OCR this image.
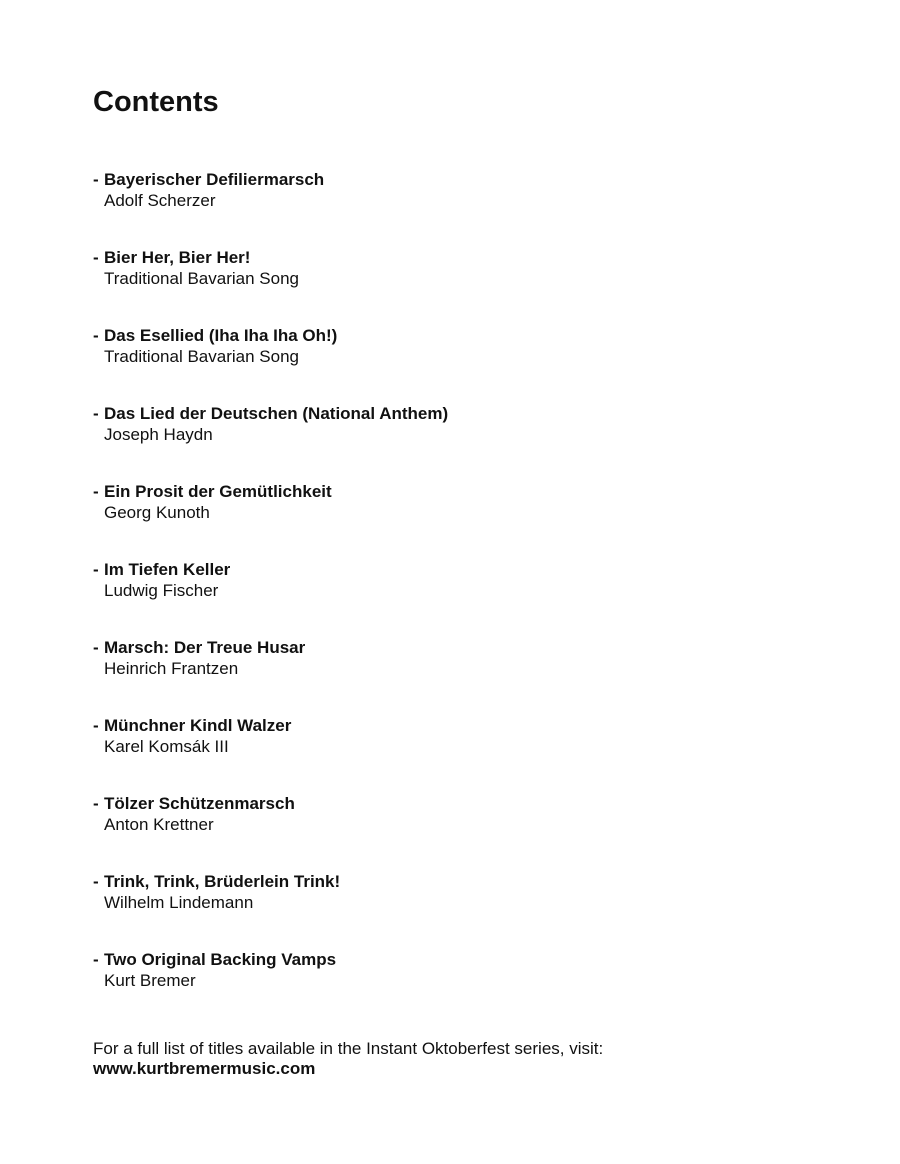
Contents
- Bayerischer Defiliermarsch
Adolf Scherzer
- Bier Her, Bier Her!
Traditional Bavarian Song
- Das Esellied (Iha Iha Iha Oh!)
Traditional Bavarian Song
- Das Lied der Deutschen (National Anthem)
Joseph Haydn
- Ein Prosit der Gemütlichkeit
Georg Kunoth
- Im Tiefen Keller
Ludwig Fischer
- Marsch: Der Treue Husar
Heinrich Frantzen
- Münchner Kindl Walzer
Karel Komsák III
- Tölzer Schützenmarsch
Anton Krettner
- Trink, Trink, Brüderlein Trink!
Wilhelm Lindemann
- Two Original Backing Vamps
Kurt Bremer
For a full list of titles available in the Instant Oktoberfest series, visit:
www.kurtbremermusic.com
